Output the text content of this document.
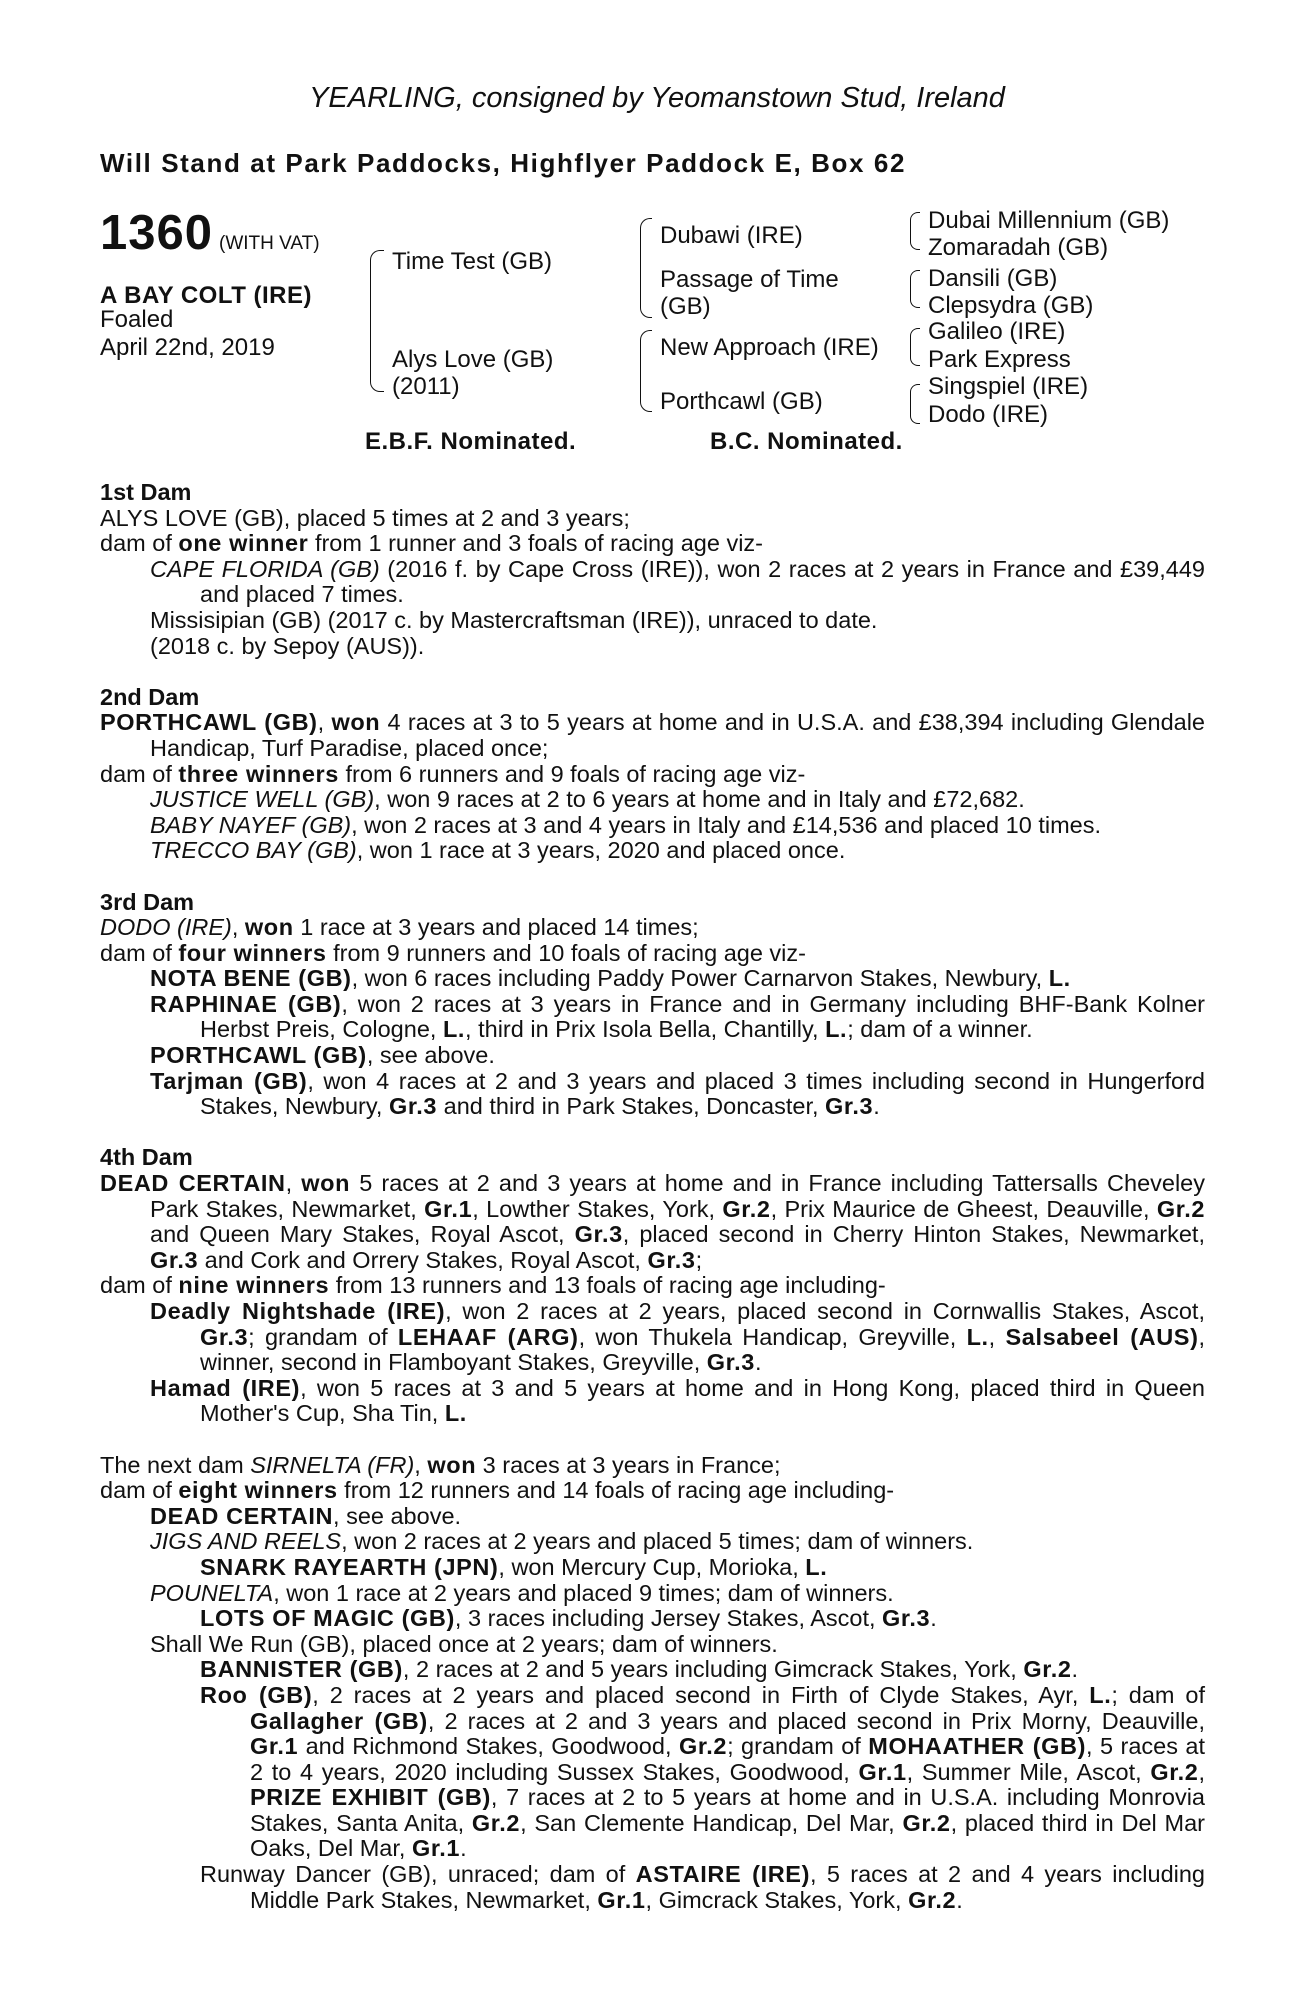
YEARLING, consigned by Yeomanstown Stud, Ireland
Will Stand at Park Paddocks, Highflyer Paddock E, Box 62
1360 (WITH VAT)
A BAY COLT (IRE)
Foaled
April 22nd, 2019
Time Test (GB)
Alys Love (GB)
(2011)
Dubawi (IRE)
Passage of Time
(GB)
New Approach (IRE)
Porthcawl (GB)
Dubai Millennium (GB)
Zomaradah (GB)
Dansili (GB)
Clepsydra (GB)
Galileo (IRE)
Park Express
Singspiel (IRE)
Dodo (IRE)
E.B.F. Nominated.	B.C. Nominated.
1st Dam
ALYS LOVE (GB), placed 5 times at 2 and 3 years;
dam of one winner from 1 runner and 3 foals of racing age viz-
CAPE FLORIDA (GB) (2016 f. by Cape Cross (IRE)), won 2 races at 2 years in France and £39,449 and placed 7 times.
Missisipian (GB) (2017 c. by Mastercraftsman (IRE)), unraced to date.
(2018 c. by Sepoy (AUS)).
2nd Dam
PORTHCAWL (GB), won 4 races at 3 to 5 years at home and in U.S.A. and £38,394 including Glendale Handicap, Turf Paradise, placed once;
dam of three winners from 6 runners and 9 foals of racing age viz-
JUSTICE WELL (GB), won 9 races at 2 to 6 years at home and in Italy and £72,682.
BABY NAYEF (GB), won 2 races at 3 and 4 years in Italy and £14,536 and placed 10 times.
TRECCO BAY (GB), won 1 race at 3 years, 2020 and placed once.
3rd Dam
DODO (IRE), won 1 race at 3 years and placed 14 times;
dam of four winners from 9 runners and 10 foals of racing age viz-
NOTA BENE (GB), won 6 races including Paddy Power Carnarvon Stakes, Newbury, L.
RAPHINAE (GB), won 2 races at 3 years in France and in Germany including BHF-Bank Kolner Herbst Preis, Cologne, L., third in Prix Isola Bella, Chantilly, L.; dam of a winner.
PORTHCAWL (GB), see above.
Tarjman (GB), won 4 races at 2 and 3 years and placed 3 times including second in Hungerford Stakes, Newbury, Gr.3 and third in Park Stakes, Doncaster, Gr.3.
4th Dam
DEAD CERTAIN, won 5 races at 2 and 3 years at home and in France including Tattersalls Cheveley Park Stakes, Newmarket, Gr.1, Lowther Stakes, York, Gr.2, Prix Maurice de Gheest, Deauville, Gr.2 and Queen Mary Stakes, Royal Ascot, Gr.3, placed second in Cherry Hinton Stakes, Newmarket, Gr.3 and Cork and Orrery Stakes, Royal Ascot, Gr.3;
dam of nine winners from 13 runners and 13 foals of racing age including-
Deadly Nightshade (IRE), won 2 races at 2 years, placed second in Cornwallis Stakes, Ascot, Gr.3; grandam of LEHAAF (ARG), won Thukela Handicap, Greyville, L., Salsabeel (AUS), winner, second in Flamboyant Stakes, Greyville, Gr.3.
Hamad (IRE), won 5 races at 3 and 5 years at home and in Hong Kong, placed third in Queen Mother's Cup, Sha Tin, L.
The next dam SIRNELTA (FR), won 3 races at 3 years in France;
dam of eight winners from 12 runners and 14 foals of racing age including-
DEAD CERTAIN, see above.
JIGS AND REELS, won 2 races at 2 years and placed 5 times; dam of winners.
SNARK RAYEARTH (JPN), won Mercury Cup, Morioka, L.
POUNELTA, won 1 race at 2 years and placed 9 times; dam of winners.
LOTS OF MAGIC (GB), 3 races including Jersey Stakes, Ascot, Gr.3.
Shall We Run (GB), placed once at 2 years; dam of winners.
BANNISTER (GB), 2 races at 2 and 5 years including Gimcrack Stakes, York, Gr.2.
Roo (GB), 2 races at 2 years and placed second in Firth of Clyde Stakes, Ayr, L.; dam of Gallagher (GB), 2 races at 2 and 3 years and placed second in Prix Morny, Deauville, Gr.1 and Richmond Stakes, Goodwood, Gr.2; grandam of MOHAATHER (GB), 5 races at 2 to 4 years, 2020 including Sussex Stakes, Goodwood, Gr.1, Summer Mile, Ascot, Gr.2, PRIZE EXHIBIT (GB), 7 races at 2 to 5 years at home and in U.S.A. including Monrovia Stakes, Santa Anita, Gr.2, San Clemente Handicap, Del Mar, Gr.2, placed third in Del Mar Oaks, Del Mar, Gr.1.
Runway Dancer (GB), unraced; dam of ASTAIRE (IRE), 5 races at 2 and 4 years including Middle Park Stakes, Newmarket, Gr.1, Gimcrack Stakes, York, Gr.2.
